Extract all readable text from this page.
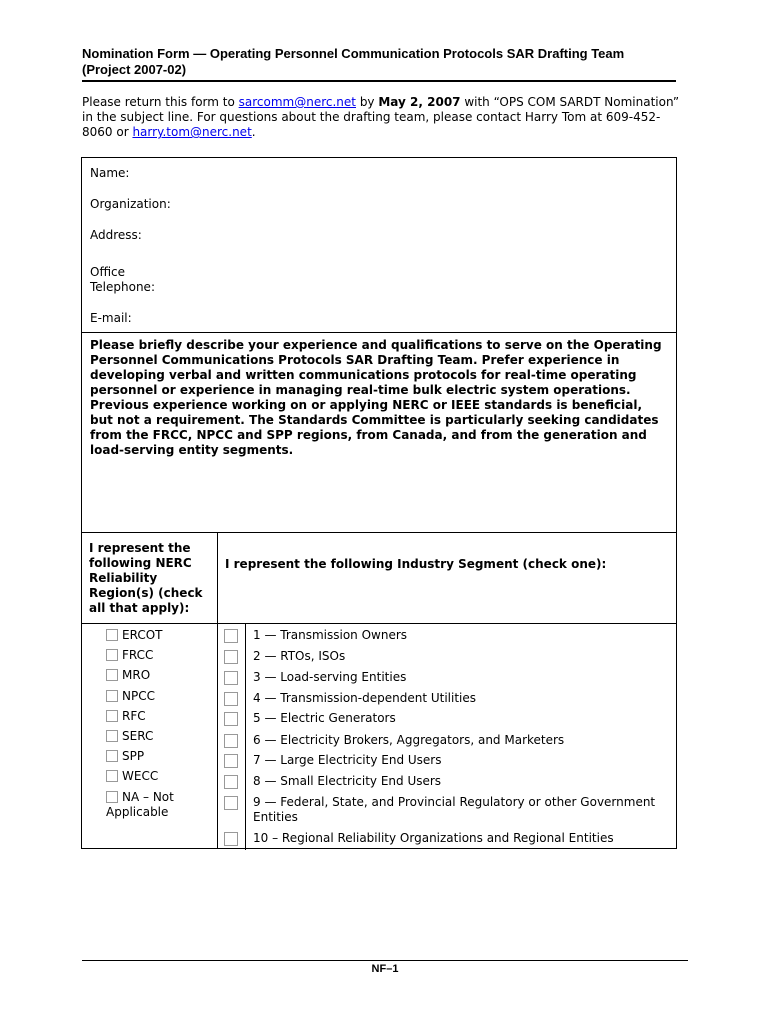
Nomination Form — Operating Personnel Communication Protocols SAR Drafting Team (Project 2007-02)
Please return this form to sarcomm@nerc.net by May 2, 2007 with “OPS COM SARDT Nomination” in the subject line. For questions about the drafting team, please contact Harry Tom at 609-452-8060 or harry.tom@nerc.net.
Name:
Organization:
Address:
Office
Telephone:
E-mail:
Please briefly describe your experience and qualifications to serve on the Operating Personnel Communications Protocols SAR Drafting Team. Prefer experience in developing verbal and written communications protocols for real-time operating personnel or experience in managing real-time bulk electric system operations. Previous experience working on or applying NERC or IEEE standards is beneficial, but not a requirement. The Standards Committee is particularly seeking candidates from the FRCC, NPCC and SPP regions, from Canada, and from the generation and load-serving entity segments.
I represent the following NERC Reliability Region(s) (check all that apply):
I represent the following Industry Segment (check one):
ERCOT
FRCC
MRO
NPCC
RFC
SERC
SPP
WECC
NA – Not Applicable
1 — Transmission Owners
2 — RTOs, ISOs
3 — Load-serving Entities
4 — Transmission-dependent Utilities
5 — Electric Generators
6 — Electricity Brokers, Aggregators, and Marketers
7 — Large Electricity End Users
8 — Small Electricity End Users
9 — Federal, State, and Provincial Regulatory or other Government Entities
10 – Regional Reliability Organizations and Regional Entities
NF–1
